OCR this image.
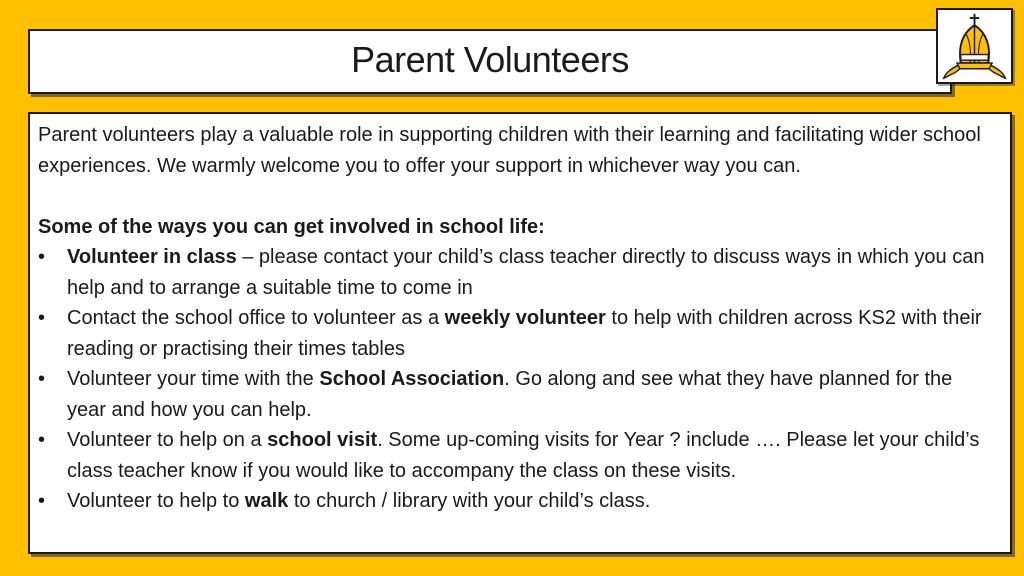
Parent Volunteers

Parent volunteers play a valuable role in supporting children with their learning and facilitating wider school experiences. We warmly welcome you to offer your support in whichever way you can.

Some of the ways you can get involved in school life:

• Volunteer in class – please contact your child’s class teacher directly to discuss ways in which you can help and to arrange a suitable time to come in
• Contact the school office to volunteer as a weekly volunteer to help with children across KS2 with their reading or practising their times tables
• Volunteer your time with the School Association. Go along and see what they have planned for the year and how you can help.
• Volunteer to help on a school visit. Some up-coming visits for Year ? include …. Please let your child’s class teacher know if you would like to accompany the class on these visits.
• Volunteer to help to walk to church / library with your child’s class.
